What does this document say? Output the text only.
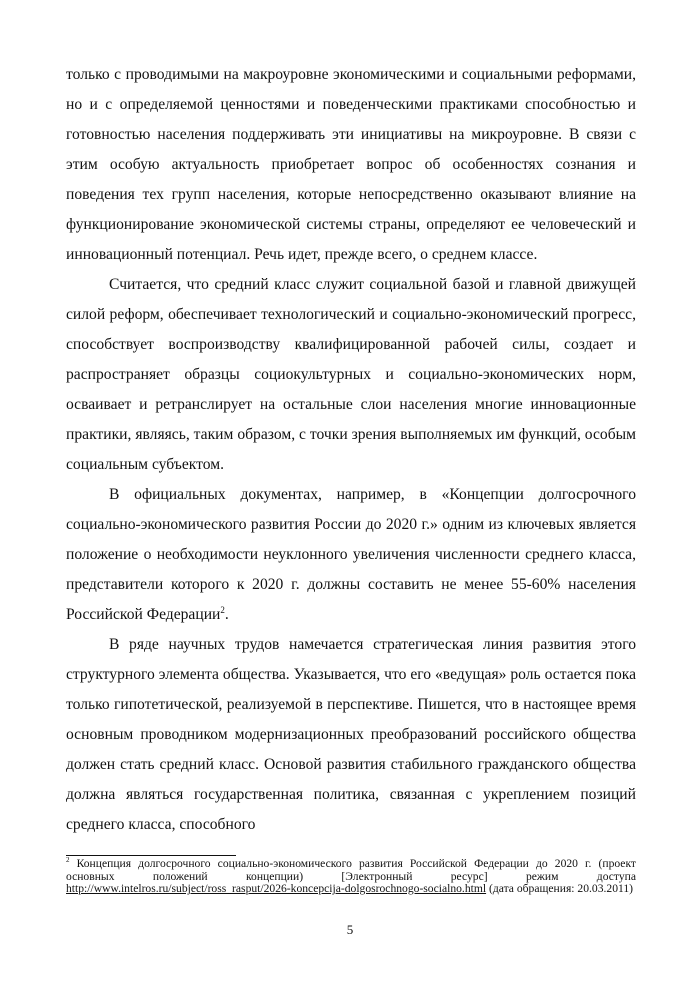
только с проводимыми на макроуровне экономическими и социальными реформами, но и с определяемой ценностями и поведенческими практиками способностью и готовностью населения поддерживать эти инициативы на микроуровне. В связи с этим особую актуальность приобретает вопрос об особенностях сознания и поведения тех групп населения, которые непосредственно оказывают влияние на функционирование экономической системы страны, определяют ее человеческий и инновационный потенциал. Речь идет, прежде всего, о среднем классе.

Считается, что средний класс служит социальной базой и главной движущей силой реформ, обеспечивает технологический и социально-экономический прогресс, способствует воспроизводству квалифицированной рабочей силы, создает и распространяет образцы социокультурных и социально-экономических норм, осваивает и ретранслирует на остальные слои населения многие инновационные практики, являясь, таким образом, с точки зрения выполняемых им функций, особым социальным субъектом.

В официальных документах, например, в «Концепции долгосрочного социально-экономического развития России до 2020 г.» одним из ключевых является положение о необходимости неуклонного увеличения численности среднего класса, представители которого к 2020 г. должны составить не менее 55-60% населения Российской Федерации$^2$.

В ряде научных трудов намечается стратегическая линия развития этого структурного элемента общества. Указывается, что его «ведущая» роль остается пока только гипотетической, реализуемой в перспективе. Пишется, что в настоящее время основным проводником модернизационных преобразований российского общества должен стать средний класс. Основой развития стабильного гражданского общества должна являться государственная политика, связанная с укреплением позиций среднего класса, способного

$^2$ Концепция долгосрочного социально-экономического развития Российской Федерации до 2020 г. (проект основных положений концепции) [Электронный ресурс] режим доступа http://www.intelros.ru/subject/ross_rasput/2026-koncepcija-dolgosrochnogo-socialno.html (дата обращения: 20.03.2011)
5
